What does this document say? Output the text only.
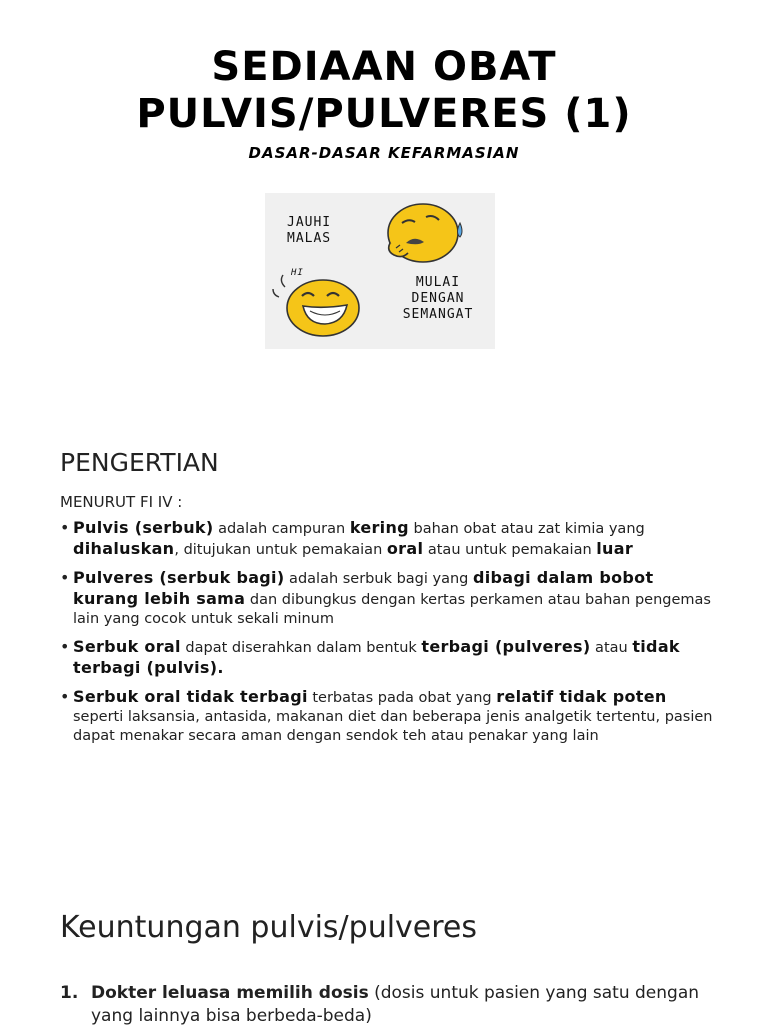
SEDIAAN OBAT
PULVIS/PULVERES (1)
DASAR-DASAR KEFARMASIAN
JAUHI
MALAS
HI
MULAI
DENGAN
SEMANGAT
PENGERTIAN
MENURUT FI IV :
• Pulvis (serbuk) adalah campuran kering bahan obat atau zat kimia yang dihaluskan, ditujukan untuk pemakaian oral atau untuk pemakaian luar
• Pulveres (serbuk bagi) adalah serbuk bagi yang dibagi dalam bobot kurang lebih sama dan dibungkus dengan kertas perkamen atau bahan pengemas lain yang cocok untuk sekali minum
• Serbuk oral dapat diserahkan dalam bentuk terbagi (pulveres) atau tidak terbagi (pulvis).
• Serbuk oral tidak terbagi terbatas pada obat yang relatif tidak poten seperti laksansia, antasida, makanan diet dan beberapa jenis analgetik tertentu, pasien dapat menakar secara aman dengan sendok teh atau penakar yang lain
Keuntungan pulvis/pulveres
1. Dokter leluasa memilih dosis (dosis untuk pasien yang satu dengan yang lainnya bisa berbeda-beda)
